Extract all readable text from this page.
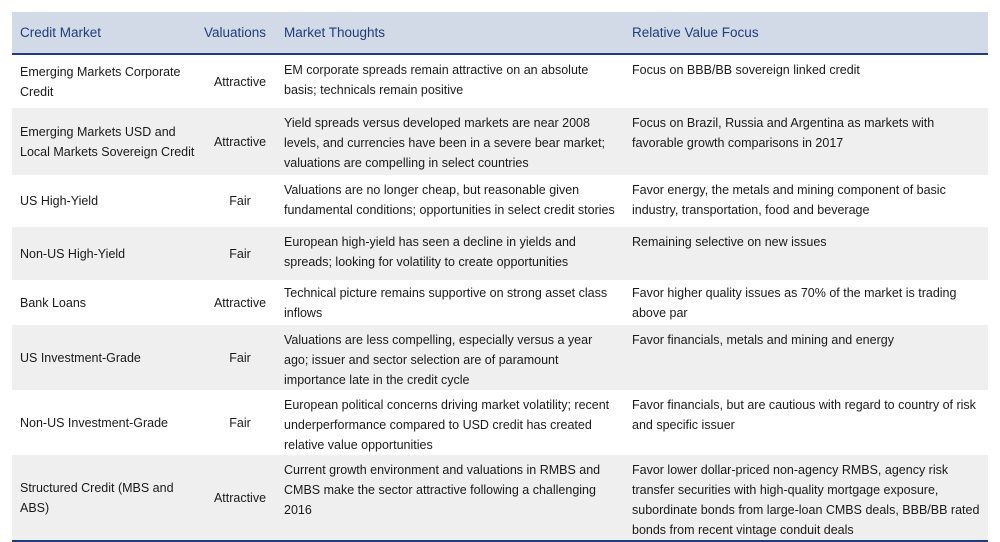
Credit Market	Valuations	Market Thoughts	Relative Value Focus
Emerging Markets Corporate Credit	Attractive	EM corporate spreads remain attractive on an absolute basis; technicals remain positive	Focus on BBB/BB sovereign linked credit
Emerging Markets USD and Local Markets Sovereign Credit	Attractive	Yield spreads versus developed markets are near 2008 levels, and currencies have been in a severe bear market; valuations are compelling in select countries	Focus on Brazil, Russia and Argentina as markets with favorable growth comparisons in 2017
US High-Yield	Fair	Valuations are no longer cheap, but reasonable given fundamental conditions; opportunities in select credit stories	Favor energy, the metals and mining component of basic industry, transportation, food and beverage
Non-US High-Yield	Fair	European high-yield has seen a decline in yields and spreads; looking for volatility to create opportunities	Remaining selective on new issues
Bank Loans	Attractive	Technical picture remains supportive on strong asset class inflows	Favor higher quality issues as 70% of the market is trading above par
US Investment-Grade	Fair	Valuations are less compelling, especially versus a year ago; issuer and sector selection are of paramount importance late in the credit cycle	Favor financials, metals and mining and energy
Non-US Investment-Grade	Fair	European political concerns driving market volatility; recent underperformance compared to USD credit has created relative value opportunities	Favor financials, but are cautious with regard to country of risk and specific issuer
Structured Credit (MBS and ABS)	Attractive	Current growth environment and valuations in RMBS and CMBS make the sector attractive following a challenging 2016	Favor lower dollar-priced non-agency RMBS, agency risk transfer securities with high-quality mortgage exposure, subordinate bonds from large-loan CMBS deals, BBB/BB rated bonds from recent vintage conduit deals
